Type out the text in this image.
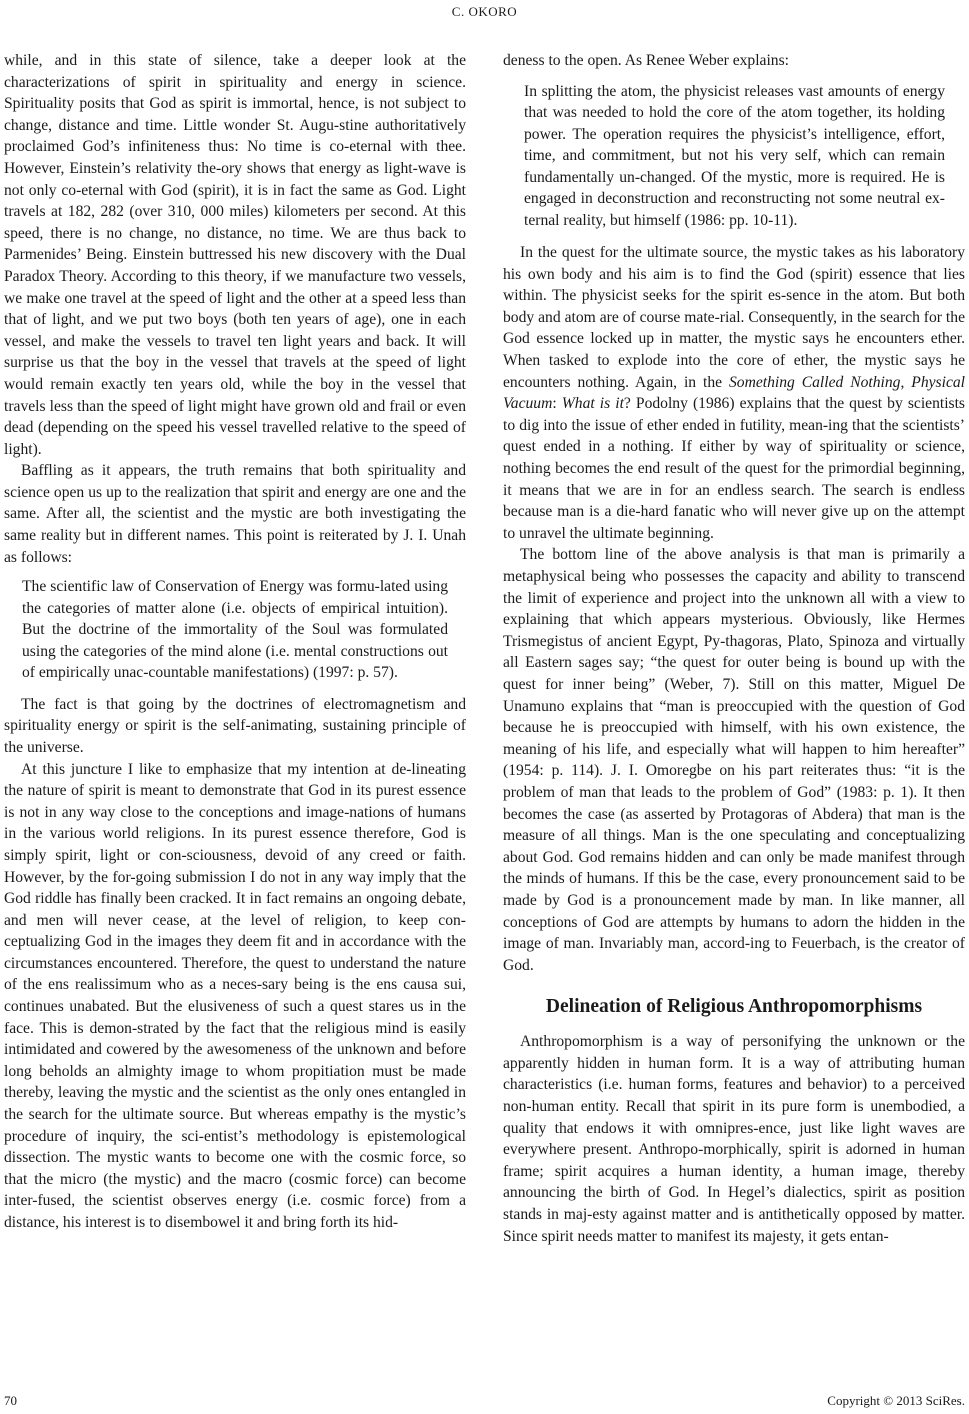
C. OKORO

while, and in this state of silence, take a deeper look at the characterizations of spirit in spirituality and energy in science. Spirituality posits that God as spirit is immortal, hence, is not subject to change, distance and time. Little wonder St. Augu-stine authoritatively proclaimed God’s infiniteness thus: No time is co-eternal with thee. However, Einstein’s relativity the-ory shows that energy as light-wave is not only co-eternal with God (spirit), it is in fact the same as God. Light travels at 182, 282 (over 310, 000 miles) kilometers per second. At this speed, there is no change, no distance, no time. We are thus back to Parmenides’ Being. Einstein buttressed his new discovery with the Dual Paradox Theory. According to this theory, if we manufacture two vessels, we make one travel at the speed of light and the other at a speed less than that of light, and we put two boys (both ten years of age), one in each vessel, and make the vessels to travel ten light years and back. It will surprise us that the boy in the vessel that travels at the speed of light would remain exactly ten years old, while the boy in the vessel that travels less than the speed of light might have grown old and frail or even dead (depending on the speed his vessel travelled relative to the speed of light).

Baffling as it appears, the truth remains that both spirituality and science open us up to the realization that spirit and energy are one and the same. After all, the scientist and the mystic are both investigating the same reality but in different names. This point is reiterated by J. I. Unah as follows:

The scientific law of Conservation of Energy was formu-lated using the categories of matter alone (i.e. objects of empirical intuition). But the doctrine of the immortality of the Soul was formulated using the categories of the mind alone (i.e. mental constructions out of empirically unac-countable manifestations) (1997: p. 57).

The fact is that going by the doctrines of electromagnetism and spirituality energy or spirit is the self-animating, sustaining principle of the universe.

At this juncture I like to emphasize that my intention at de-lineating the nature of spirit is meant to demonstrate that God in its purest essence is not in any way close to the conceptions and image-nations of humans in the various world religions. In its purest essence therefore, God is simply spirit, light or con-sciousness, devoid of any creed or faith. However, by the for-going submission I do not in any way imply that the God riddle has finally been cracked. It in fact remains an ongoing debate, and men will never cease, at the level of religion, to keep con-ceptualizing God in the images they deem fit and in accordance with the circumstances encountered. Therefore, the quest to understand the nature of the ens realissimum who as a neces-sary being is the ens causa sui, continues unabated. But the elusiveness of such a quest stares us in the face. This is demon-strated by the fact that the religious mind is easily intimidated and cowered by the awesomeness of the unknown and before long beholds an almighty image to whom propitiation must be made thereby, leaving the mystic and the scientist as the only ones entangled in the search for the ultimate source. But whereas empathy is the mystic’s procedure of inquiry, the sci-entist’s methodology is epistemological dissection. The mystic wants to become one with the cosmic force, so that the micro (the mystic) and the macro (cosmic force) can become inter-fused, the scientist observes energy (i.e. cosmic force) from a distance, his interest is to disembowel it and bring forth its hid-

deness to the open. As Renee Weber explains:

In splitting the atom, the physicist releases vast amounts of energy that was needed to hold the core of the atom together, its holding power. The operation requires the physicist’s intelligence, effort, time, and commitment, but not his very self, which can remain fundamentally un-changed. Of the mystic, more is required. He is engaged in deconstruction and reconstructing not some neutral ex-ternal reality, but himself (1986: pp. 10-11).

In the quest for the ultimate source, the mystic takes as his laboratory his own body and his aim is to find the God (spirit) essence that lies within. The physicist seeks for the spirit es-sence in the atom. But both body and atom are of course mate-rial. Consequently, in the search for the God essence locked up in matter, the mystic says he encounters ether. When tasked to explode into the core of ether, the mystic says he encounters nothing. Again, in the Something Called Nothing, Physical Vacuum: What is it? Podolny (1986) explains that the quest by scientists to dig into the issue of ether ended in futility, mean-ing that the scientists’ quest ended in a nothing. If either by way of spirituality or science, nothing becomes the end result of the quest for the primordial beginning, it means that we are in for an endless search. The search is endless because man is a die-hard fanatic who will never give up on the attempt to unravel the ultimate beginning.

The bottom line of the above analysis is that man is primarily a metaphysical being who possesses the capacity and ability to transcend the limit of experience and project into the unknown all with a view to explaining that which appears mysterious. Obviously, like Hermes Trismegistus of ancient Egypt, Py-thagoras, Plato, Spinoza and virtually all Eastern sages say; “the quest for outer being is bound up with the quest for inner being” (Weber, 7). Still on this matter, Miguel De Unamuno explains that “man is preoccupied with the question of God because he is preoccupied with himself, with his own existence, the meaning of his life, and especially what will happen to him hereafter” (1954: p. 114). J. I. Omoregbe on his part reiterates thus: “it is the problem of man that leads to the problem of God” (1983: p. 1). It then becomes the case (as asserted by Protagoras of Abdera) that man is the measure of all things. Man is the one speculating and conceptualizing about God. God remains hidden and can only be made manifest through the minds of humans. If this be the case, every pronouncement said to be made by God is a pronouncement made by man. In like manner, all conceptions of God are attempts by humans to adorn the hidden in the image of man. Invariably man, accord-ing to Feuerbach, is the creator of God.

Delineation of Religious Anthropomorphisms

Anthropomorphism is a way of personifying the unknown or the apparently hidden in human form. It is a way of attributing human characteristics (i.e. human forms, features and behavior) to a perceived non-human entity. Recall that spirit in its pure form is unembodied, a quality that endows it with omnipres-ence, just like light waves are everywhere present. Anthropo-morphically, spirit is adorned in human frame; spirit acquires a human identity, a human image, thereby announcing the birth of God. In Hegel’s dialectics, spirit as position stands in maj-esty against matter and is antithetically opposed by matter. Since spirit needs matter to manifest its majesty, it gets entan-

70	Copyright © 2013 SciRes.
